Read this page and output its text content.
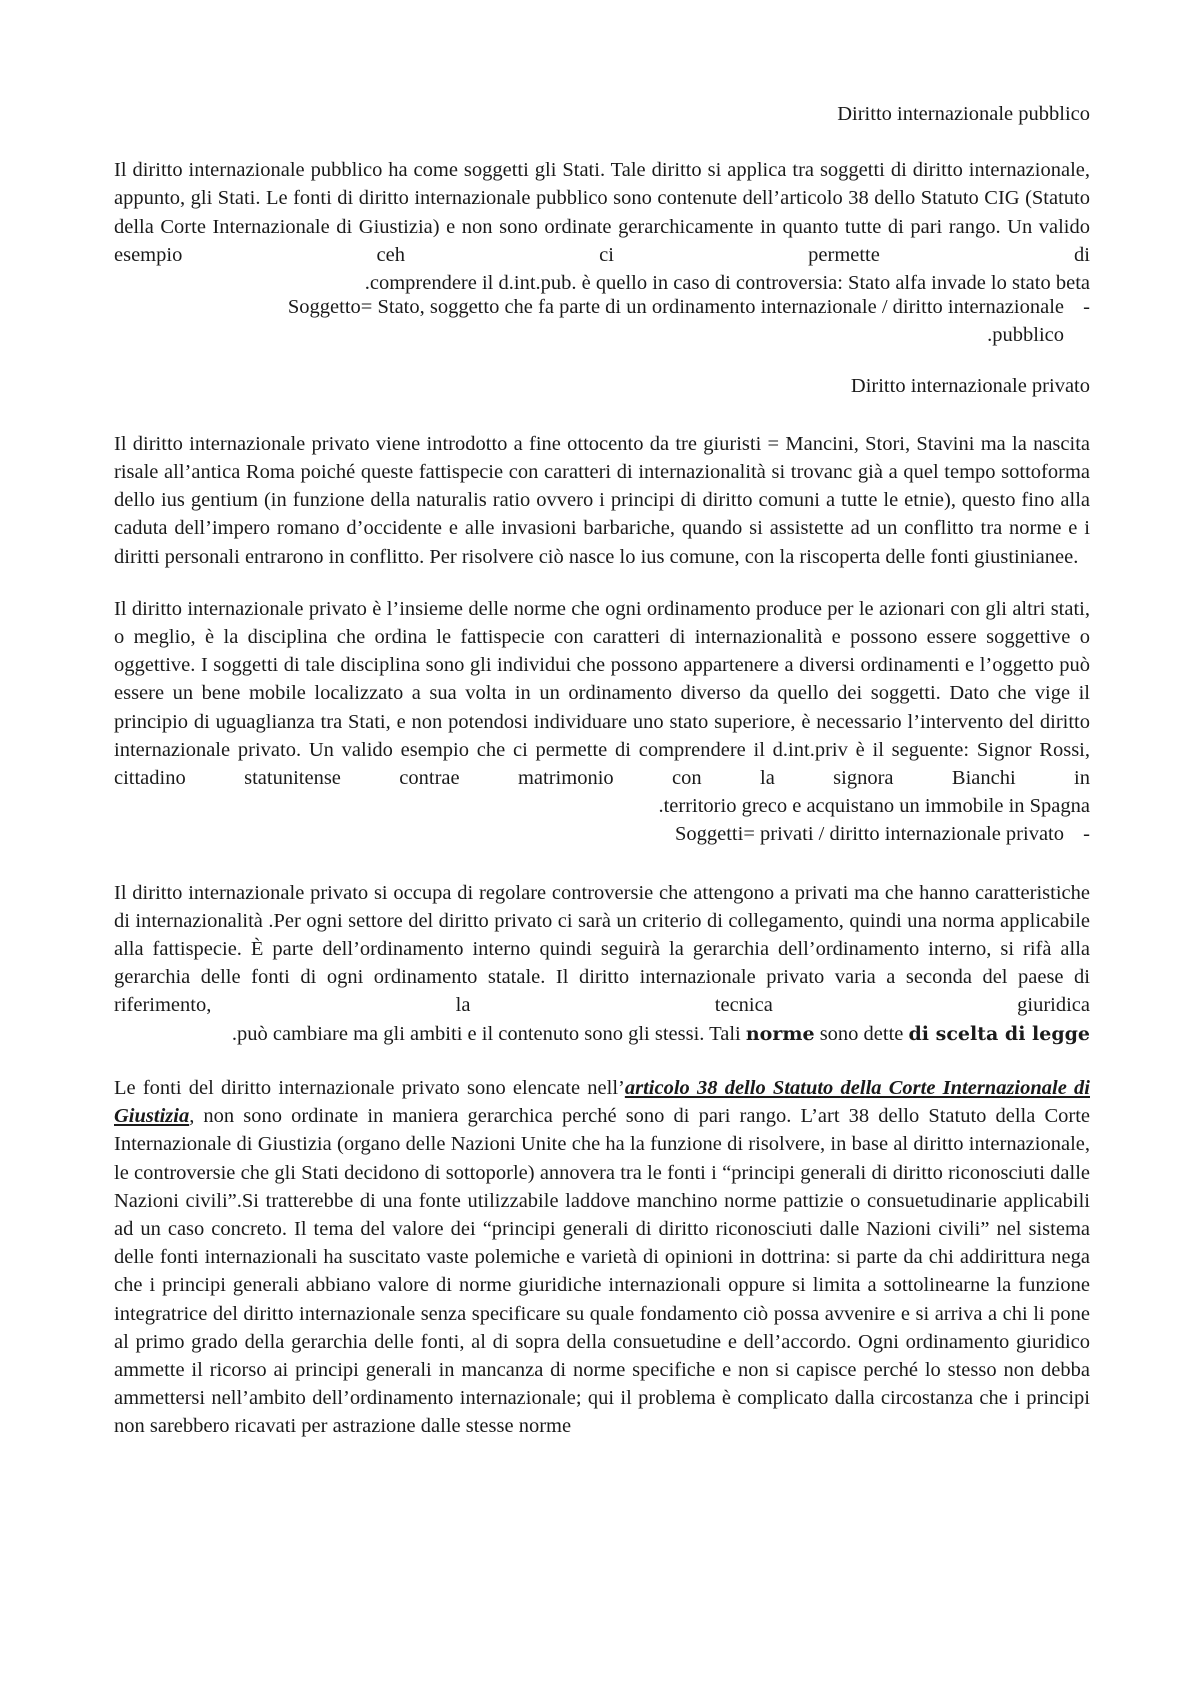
Diritto internazionale pubblico

Il diritto internazionale pubblico ha come soggetti gli Stati. Tale diritto si applica tra soggetti di diritto internazionale, appunto, gli Stati. Le fonti di diritto internazionale pubblico sono contenute dell’articolo 38 dello Statuto CIG (Statuto della Corte Internazionale di Giustizia) e non sono ordinate gerarchicamente in quanto tutte di pari rango. Un valido esempio ceh ci permette di

.comprendere il d.int.pub. è quello in caso di controversia: Stato alfa invade lo stato beta

Soggetto= Stato, soggetto che fa parte di un ordinamento internazionale / diritto internazionale -

.pubblico

Diritto internazionale privato

Il diritto internazionale privato viene introdotto a fine ottocento da tre giuristi = Mancini, Stori, Stavini ma la nascita risale all’antica Roma poiché queste fattispecie con caratteri di internazionalità si trovanc già a quel tempo sottoforma dello ius gentium (in funzione della naturalis ratio ovvero i principi di diritto comuni a tutte le etnie), questo fino alla caduta dell’impero romano d’occidente e alle invasioni barbariche, quando si assistette ad un conflitto tra norme e i diritti personali entrarono in conflitto. Per risolvere ciò nasce lo ius comune, con la riscoperta delle fonti giustinianee.

Il diritto internazionale privato è l’insieme delle norme che ogni ordinamento produce per le azionari con gli altri stati, o meglio, è la disciplina che ordina le fattispecie con caratteri di internazionalità e possono essere soggettive o oggettive. I soggetti di tale disciplina sono gli individui che possono appartenere a diversi ordinamenti e l’oggetto può essere un bene mobile localizzato a sua volta in un ordinamento diverso da quello dei soggetti. Dato che vige il principio di uguaglianza tra Stati, e non potendosi individuare uno stato superiore, è necessario l’intervento del diritto internazionale privato. Un valido esempio che ci permette di comprendere il d.int.priv è il seguente: Signor Rossi, cittadino statunitense contrae matrimonio con la signora Bianchi in

.territorio greco e acquistano un immobile in Spagna

Soggetti= privati / diritto internazionale privato -

Il diritto internazionale privato si occupa di regolare controversie che attengono a privati ma che hanno caratteristiche di internazionalità .Per ogni settore del diritto privato ci sarà un criterio di collegamento, quindi una norma applicabile alla fattispecie. È parte dell’ordinamento interno quindi seguirà la gerarchia dell’ordinamento interno, si rifà alla gerarchia delle fonti di ogni ordinamento statale. Il diritto internazionale privato varia a seconda del paese di riferimento, la tecnica giuridica

.può cambiare ma gli ambiti e il contenuto sono gli stessi. Tali norme sono dette di scelta di legge

Le fonti del diritto internazionale privato sono elencate nell’articolo 38 dello Statuto della Corte Internazionale di Giustizia, non sono ordinate in maniera gerarchica perché sono di pari rango. L’art 38 dello Statuto della Corte Internazionale di Giustizia (organo delle Nazioni Unite che ha la funzione di risolvere, in base al diritto internazionale, le controversie che gli Stati decidono di sottoporle) annovera tra le fonti i “principi generali di diritto riconosciuti dalle Nazioni civili”.Si tratterebbe di una fonte utilizzabile laddove manchino norme pattizie o consuetudinarie applicabili ad un caso concreto. Il tema del valore dei “principi generali di diritto riconosciuti dalle Nazioni civili” nel sistema delle fonti internazionali ha suscitato vaste polemiche e varietà di opinioni in dottrina: si parte da chi addirittura nega che i principi generali abbiano valore di norme giuridiche internazionali oppure si limita a sottolinearne la funzione integratrice del diritto internazionale senza specificare su quale fondamento ciò possa avvenire e si arriva a chi li pone al primo grado della gerarchia delle fonti, al di sopra della consuetudine e dell’accordo. Ogni ordinamento giuridico ammette il ricorso ai principi generali in mancanza di norme specifiche e non si capisce perché lo stesso non debba ammettersi nell’ambito dell’ordinamento internazionale; qui il problema è complicato dalla circostanza che i principi non sarebbero ricavati per astrazione dalle stesse norme
